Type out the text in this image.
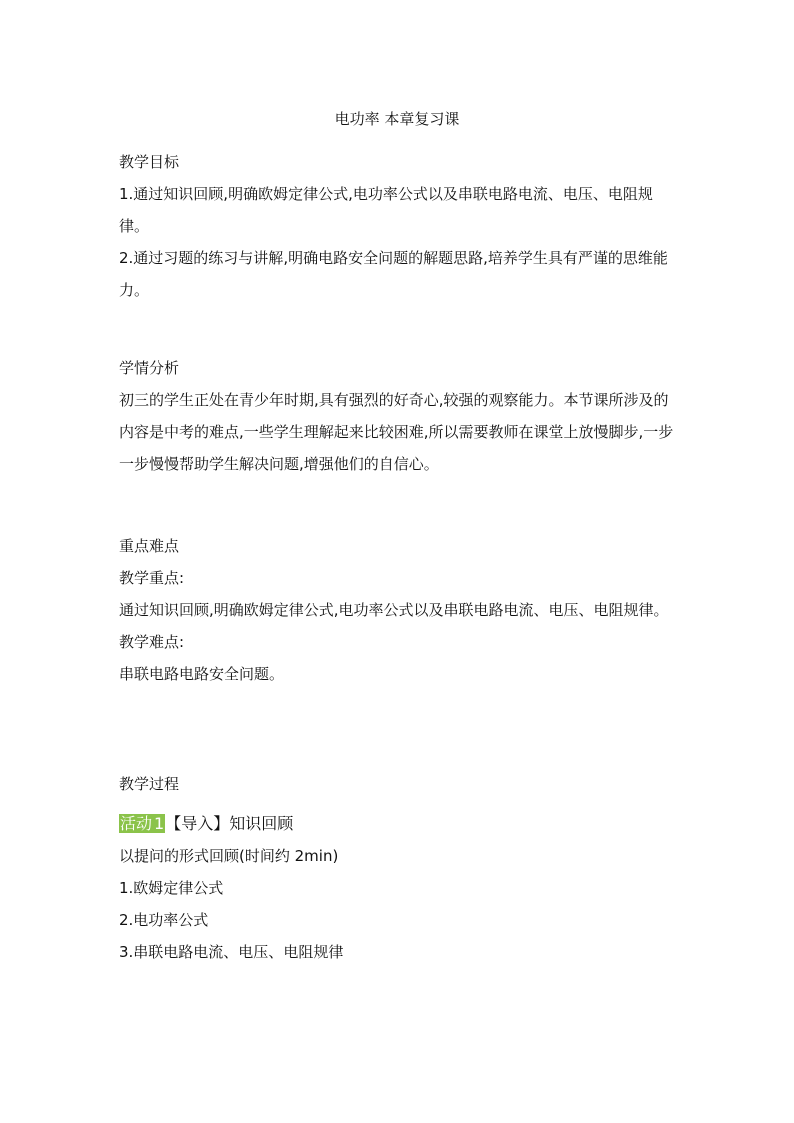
电功率 本章复习课

教学目标

1.通过知识回顾,明确欧姆定律公式,电功率公式以及串联电路电流、电压、电阻规律。

2.通过习题的练习与讲解,明确电路安全问题的解题思路,培养学生具有严谨的思维能力。

学情分析

初三的学生正处在青少年时期,具有强烈的好奇心,较强的观察能力。本节课所涉及的内容是中考的难点,一些学生理解起来比较困难,所以需要教师在课堂上放慢脚步,一步一步慢慢帮助学生解决问题,增强他们的自信心。

重点难点

教学重点:

通过知识回顾,明确欧姆定律公式,电功率公式以及串联电路电流、电压、电阻规律。

教学难点:

串联电路电路安全问题。

教学过程

活动 1【导入】知识回顾

以提问的形式回顾(时间约 2min)

1.欧姆定律公式

2.电功率公式

3.串联电路电流、电压、电阻规律
